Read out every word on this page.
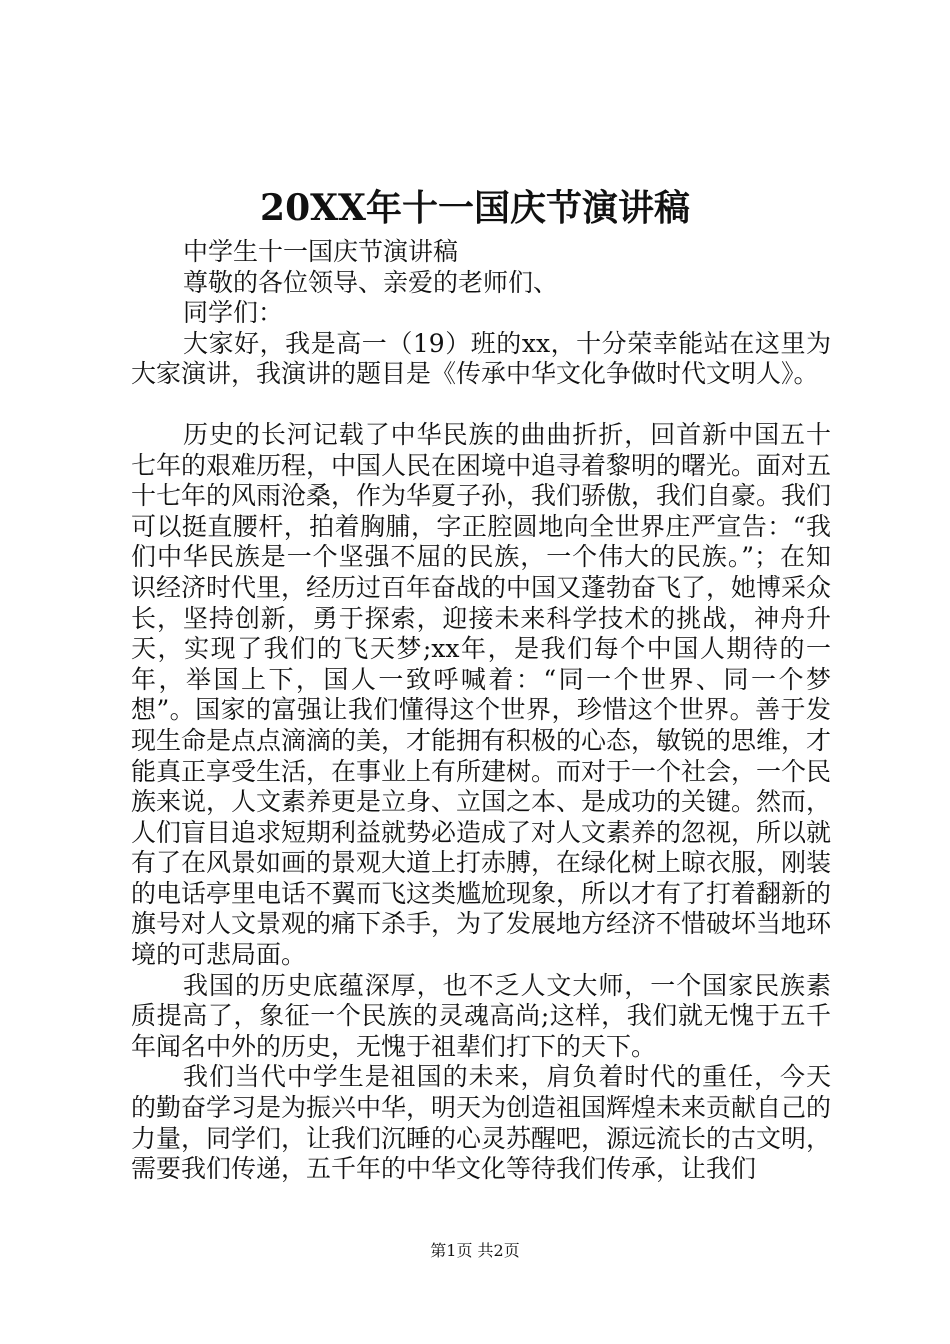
20XX年十一国庆节演讲稿

中学生十一国庆节演讲稿

尊敬的各位领导、亲爱的老师们、

同学们：

大家好，我是高一（19）班的xx，十分荣幸能站在这里为大家演讲，我演讲的题目是《传承中华文化争做时代文明人》。

历史的长河记载了中华民族的曲曲折折，回首新中国五十七年的艰难历程，中国人民在困境中追寻着黎明的曙光。面对五十七年的风雨沧桑，作为华夏子孙，我们骄傲，我们自豪。我们可以挺直腰杆，拍着胸脯，字正腔圆地向全世界庄严宣告：“我们中华民族是一个坚强不屈的民族，一个伟大的民族。”；在知识经济时代里，经历过百年奋战的中国又蓬勃奋飞了，她博采众长，坚持创新，勇于探索，迎接未来科学技术的挑战，神舟升天，实现了我们的飞天梦;xx年，是我们每个中国人期待的一年，举国上下，国人一致呼喊着：“同一个世界、同一个梦想”。国家的富强让我们懂得这个世界，珍惜这个世界。善于发现生命是点点滴滴的美，才能拥有积极的心态，敏锐的思维，才能真正享受生活，在事业上有所建树。而对于一个社会，一个民族来说，人文素养更是立身、立国之本、是成功的关键。然而，人们盲目追求短期利益就势必造成了对人文素养的忽视，所以就有了在风景如画的景观大道上打赤膊，在绿化树上晾衣服，刚装的电话亭里电话不翼而飞这类尴尬现象，所以才有了打着翻新的旗号对人文景观的痛下杀手，为了发展地方经济不惜破坏当地环境的可悲局面。

我国的历史底蕴深厚，也不乏人文大师，一个国家民族素质提高了，象征一个民族的灵魂高尚;这样，我们就无愧于五千年闻名中外的历史，无愧于祖辈们打下的天下。

我们当代中学生是祖国的未来，肩负着时代的重任，今天的勤奋学习是为振兴中华，明天为创造祖国辉煌未来贡献自己的力量，同学们，让我们沉睡的心灵苏醒吧，源远流长的古文明，需要我们传递，五千年的中华文化等待我们传承，让我们

第1页 共2页
